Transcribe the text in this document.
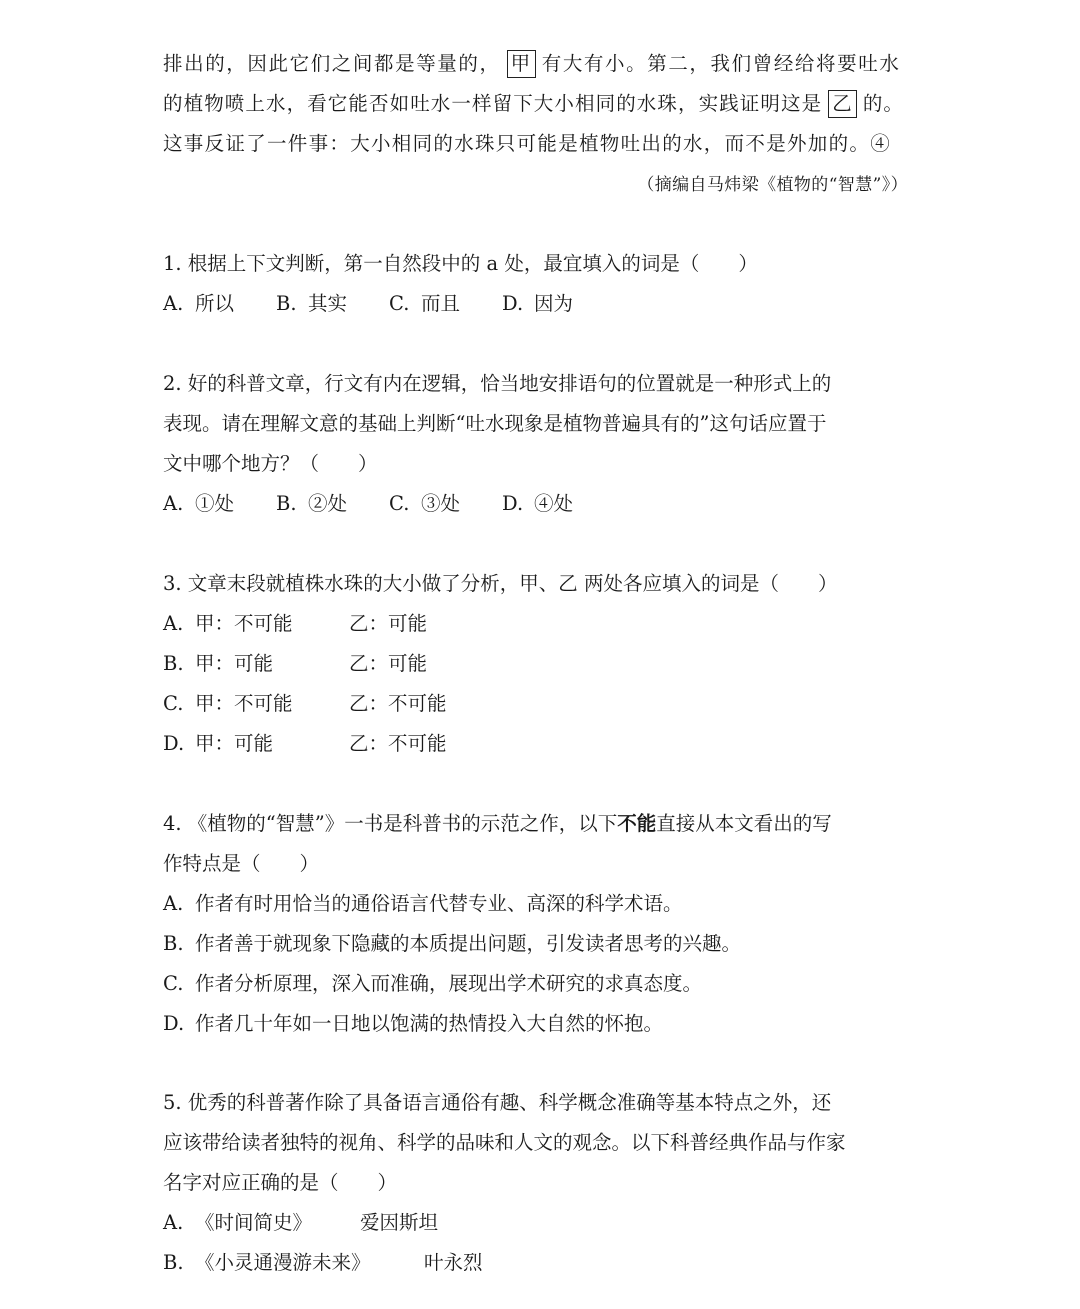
排出的，因此它们之间都是等量的， 甲 有大有小。第二，我们曾经给将要吐水
的植物喷上水，看它能否如吐水一样留下大小相同的水珠，实践证明这是 乙 的。
这事反证了一件事：大小相同的水珠只可能是植物吐出的水，而不是外加的。④
（摘编自马炜梁《植物的“智慧”》）
1. 根据上下文判断，第一自然段中的 a 处，最宜填入的词是（　　）
A. 所以 B. 其实 C. 而且 D. 因为
2. 好的科普文章，行文有内在逻辑，恰当地安排语句的位置就是一种形式上的
表现。请在理解文意的基础上判断“吐水现象是植物普遍具有的”这句话应置于
文中哪个地方？（　　）
A. ①处 B. ②处 C. ③处 D. ④处
3. 文章末段就植株水珠的大小做了分析，甲、乙 两处各应填入的词是（　　）
A. 甲：不可能	乙：可能
B. 甲：可能	乙：可能
C. 甲：不可能	乙：不可能
D. 甲：可能	乙：不可能
4. 《植物的“智慧”》一书是科普书的示范之作，以下不能直接从本文看出的写
作特点是（　　）
A. 作者有时用恰当的通俗语言代替专业、高深的科学术语。
B. 作者善于就现象下隐藏的本质提出问题，引发读者思考的兴趣。
C. 作者分析原理，深入而准确，展现出学术研究的求真态度。
D. 作者几十年如一日地以饱满的热情投入大自然的怀抱。
5. 优秀的科普著作除了具备语言通俗有趣、科学概念准确等基本特点之外，还
应该带给读者独特的视角、科学的品味和人文的观念。以下科普经典作品与作家
名字对应正确的是（　　）
A. 《时间简史》 爱因斯坦
B. 《小灵通漫游未来》	叶永烈
